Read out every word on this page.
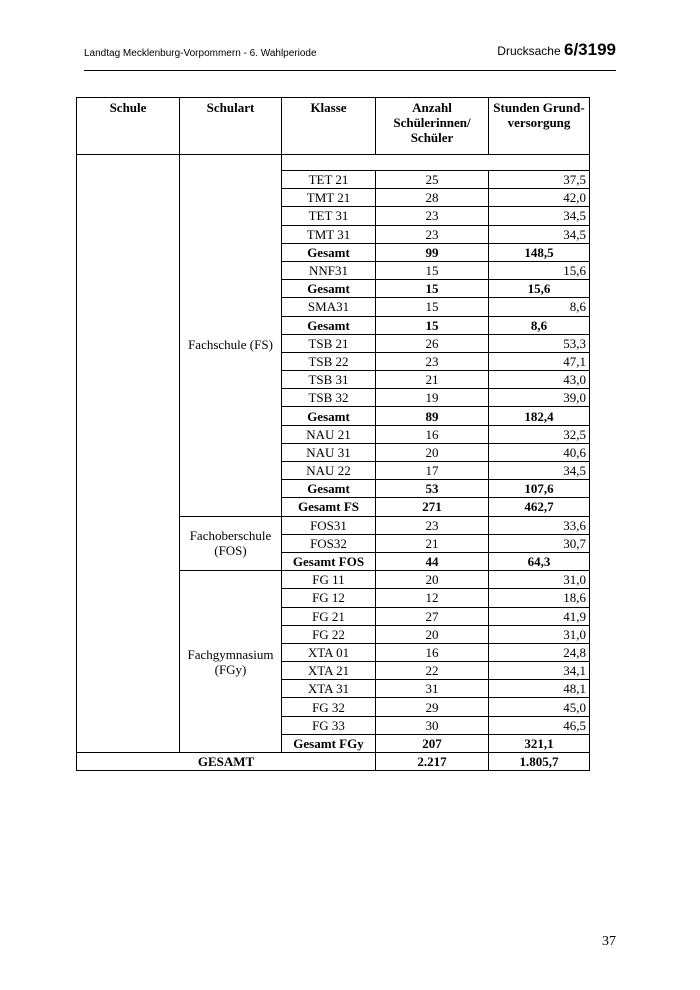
Landtag Mecklenburg-Vorpommern - 6. Wahlperiode	Drucksache 6/3199
Schule	Schulart	Klasse	Anzahl Schülerinnen/ Schüler	Stunden Grund-versorgung

	Fachschule (FS)	TET 21	25	37,5
		TMT 21	28	42,0
		TET 31	23	34,5
		TMT 31	23	34,5
		Gesamt	99	148,5
		NNF31	15	15,6
		Gesamt	15	15,6
		SMA31	15	8,6
		Gesamt	15	8,6
		TSB 21	26	53,3
		TSB 22	23	47,1
		TSB 31	21	43,0
		TSB 32	19	39,0
		Gesamt	89	182,4
		NAU 21	16	32,5
		NAU 31	20	40,6
		NAU 22	17	34,5
		Gesamt	53	107,6
		Gesamt FS	271	462,7
	Fachoberschule (FOS)	FOS31	23	33,6
		FOS32	21	30,7
		Gesamt FOS	44	64,3
	Fachgymnasium (FGy)	FG 11	20	31,0
		FG 12	12	18,6
		FG 21	27	41,9
		FG 22	20	31,0
		XTA 01	16	24,8
		XTA 21	22	34,1
		XTA 31	31	48,1
		FG 32	29	45,0
		FG 33	30	46,5
		Gesamt FGy	207	321,1
GESAMT			2.217	1.805,7
37
